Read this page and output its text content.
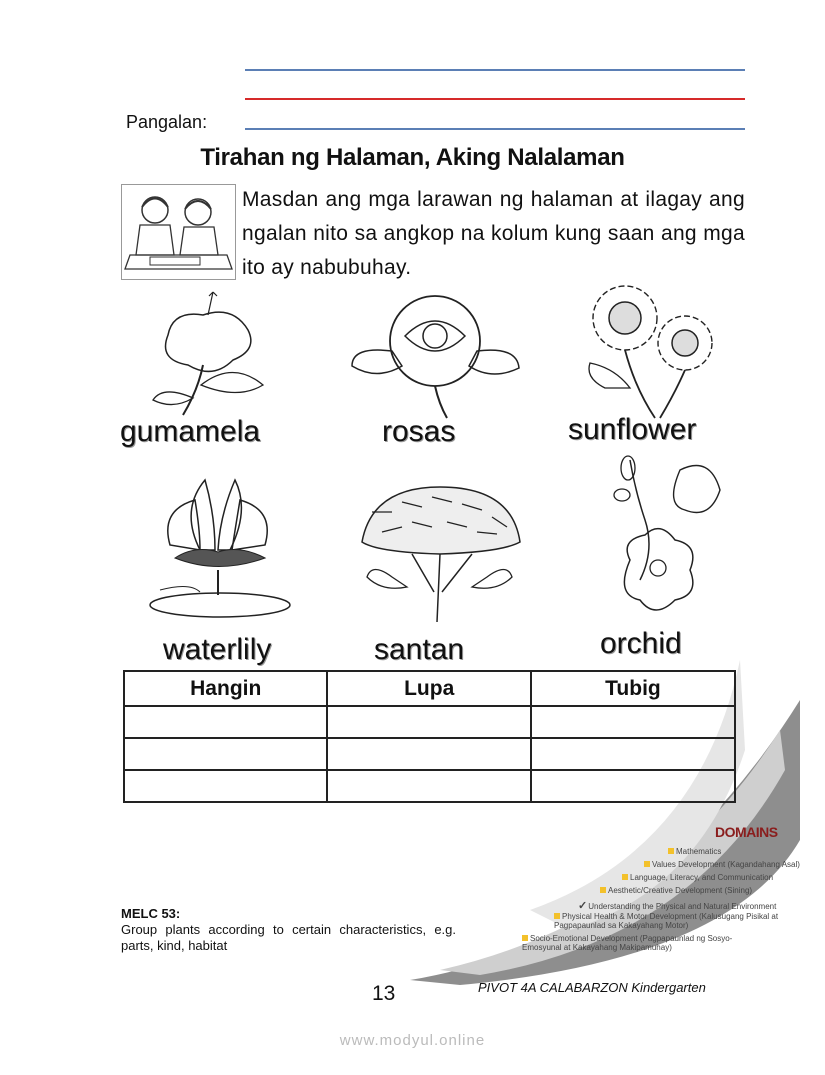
Pangalan:
Tirahan ng Halaman, Aking Nalalaman
Masdan ang mga larawan ng halaman at ilagay ang ngalan nito sa angkop na kolum kung saan ang mga ito ay nabubuhay.
gumamela	rosas	sunflower
waterlily	santan	orchid
Hangin	Lupa	Tubig

DOMAINS
Mathematics
Values Development (Kagandahang Asal)
Language, Literacy, and Communication
Aesthetic/Creative Development (Sining)
✓Understanding the Physical and Natural Environment
Physical Health & Motor Development (Kalusugang Pisikal at Pagpapaunlad sa Kakayahang Motor)
Socio-Emotional Development (Pagpapaunlad ng Sosyo-Emosyunal at Kakayahang Makipamuhay)
MELC 53:
Group plants according to certain characteristics, e.g. parts, kind, habitat
13	PIVOT 4A CALABARZON Kindergarten
www.modyul.online
